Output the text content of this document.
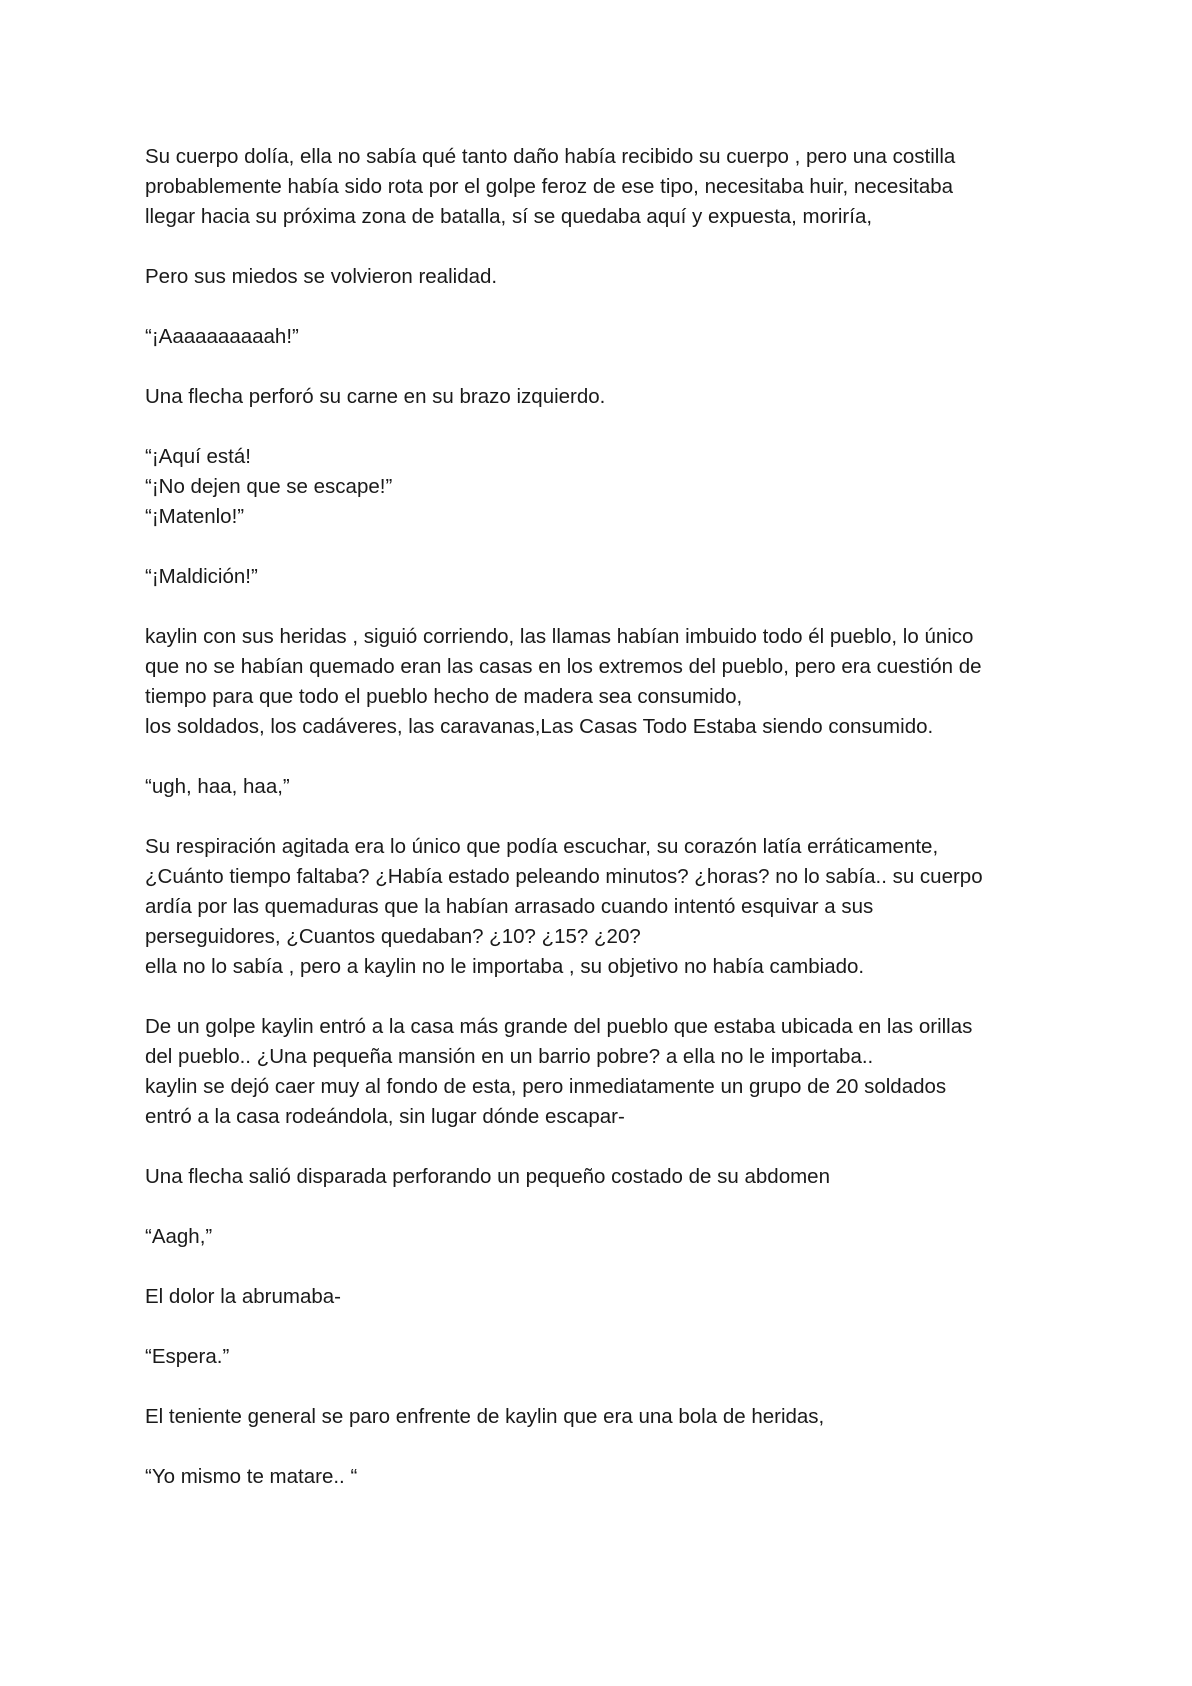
Su cuerpo dolía, ella no sabía qué tanto daño había recibido su cuerpo , pero una costilla
probablemente había sido rota por el golpe feroz de ese tipo, necesitaba huir, necesitaba
llegar hacia su próxima zona de batalla, sí se quedaba aquí y expuesta, moriría,

Pero sus miedos se volvieron realidad.

“¡Aaaaaaaaaah!”

Una flecha perforó su carne en su brazo izquierdo.

“¡Aquí está!
“¡No dejen que se escape!”
“¡Matenlo!”

“¡Maldición!”

kaylin con sus heridas , siguió corriendo, las llamas habían imbuido todo él pueblo, lo único
que no se habían quemado eran las casas en los extremos del pueblo, pero era cuestión de
tiempo para que todo el pueblo hecho de madera sea consumido,
los soldados, los cadáveres, las caravanas,Las Casas Todo Estaba siendo consumido.

“ugh, haa, haa,”

Su respiración agitada era lo único que podía escuchar, su corazón latía erráticamente,
¿Cuánto tiempo faltaba? ¿Había estado peleando minutos? ¿horas? no lo sabía.. su cuerpo
ardía por las quemaduras que la habían arrasado cuando intentó esquivar a sus
perseguidores, ¿Cuantos quedaban? ¿10? ¿15? ¿20?
ella no lo sabía , pero a kaylin no le importaba , su objetivo no había cambiado.

De un golpe kaylin entró a la casa más grande del pueblo que estaba ubicada en las orillas
del pueblo.. ¿Una pequeña mansión en un barrio pobre? a ella no le importaba..
kaylin se dejó caer muy al fondo de esta, pero inmediatamente un grupo de 20 soldados
entró a la casa rodeándola, sin lugar dónde escapar-

Una flecha salió disparada perforando un pequeño costado de su abdomen

“Aagh,”

El dolor la abrumaba-

“Espera.”

El teniente general se paro enfrente de kaylin que era una bola de heridas,

“Yo mismo te matare.. “
